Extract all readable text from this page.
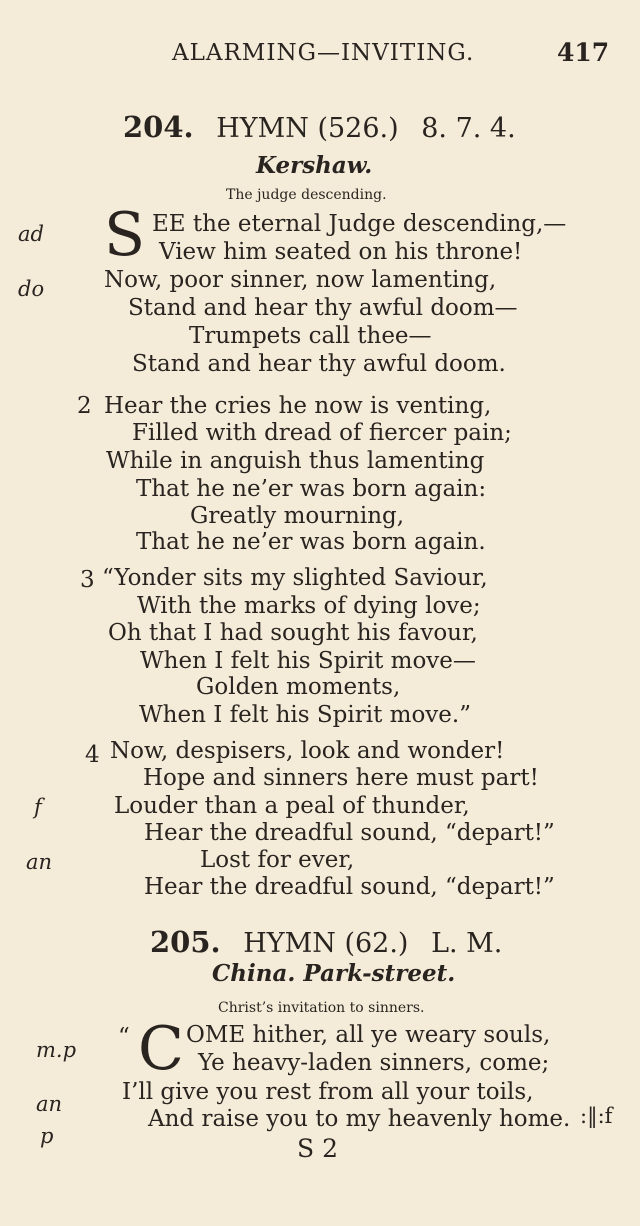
ALARMING—INVITING.	417
204. HYMN (526.) 8. 7. 4.
Kershaw.
The judge descending.
ad
do
f
an
S EE the eternal Judge descending,—
View him seated on his throne!
Now, poor sinner, now lamenting,
Stand and hear thy awful doom—
Trumpets call thee—
Stand and hear thy awful doom.
2 Hear the cries he now is venting,
Filled with dread of fiercer pain;
While in anguish thus lamenting
That he ne’er was born again:
Greatly mourning,
That he ne’er was born again.
3 “Yonder sits my slighted Saviour,
With the marks of dying love;
Oh that I had sought his favour,
When I felt his Spirit move—
Golden moments,
When I felt his Spirit move.”
4 Now, despisers, look and wonder!
Hope and sinners here must part!
Louder than a peal of thunder,
Hear the dreadful sound, “depart!”
Lost for ever,
Hear the dreadful sound, “depart!”
205. HYMN (62.) L. M.
China. Park-street.
Christ’s invitation to sinners.
m.p
an
p
“ C OME hither, all ye weary souls,
Ye heavy-laden sinners, come;
I’ll give you rest from all your toils,
And raise you to my heavenly home. :‖:f
S 2
